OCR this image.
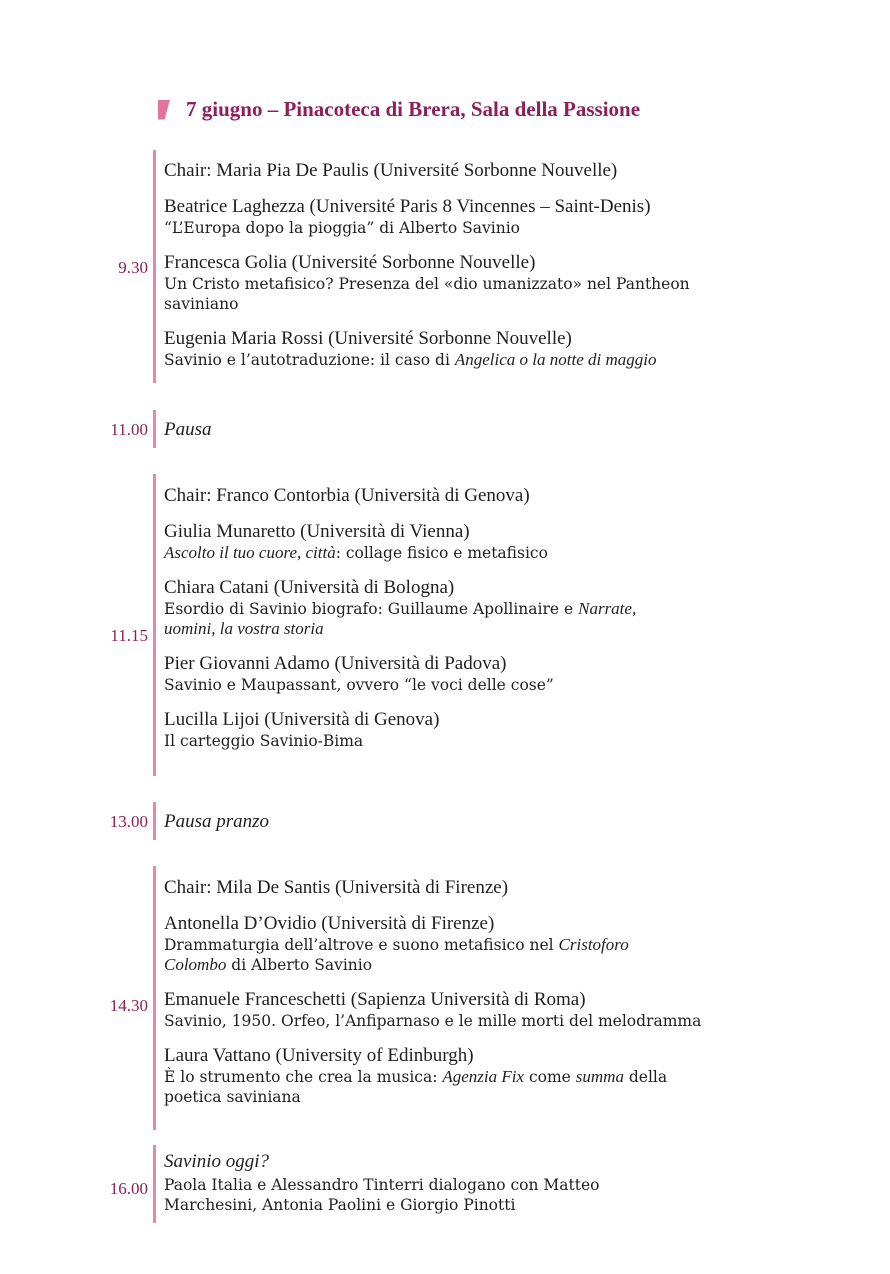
7 giugno – Pinacoteca di Brera, Sala della Passione
9.30
Chair: Maria Pia De Paulis (Université Sorbonne Nouvelle)
Beatrice Laghezza (Université Paris 8 Vincennes – Saint-Denis)
“L’Europa dopo la pioggia” di Alberto Savinio
Francesca Golia (Université Sorbonne Nouvelle)
Un Cristo metafisico? Presenza del «dio umanizzato» nel Pantheon
saviniano
Eugenia Maria Rossi (Université Sorbonne Nouvelle)
Savinio e l’autotraduzione: il caso di Angelica o la notte di maggio
11.00 Pausa
11.15
Chair: Franco Contorbia (Università di Genova)
Giulia Munaretto (Università di Vienna)
Ascolto il tuo cuore, città: collage fisico e metafisico
Chiara Catani (Università di Bologna)
Esordio di Savinio biografo: Guillaume Apollinaire e Narrate,
uomini, la vostra storia
Pier Giovanni Adamo (Università di Padova)
Savinio e Maupassant, ovvero “le voci delle cose”
Lucilla Lijoi (Università di Genova)
Il carteggio Savinio-Bima
13.00 Pausa pranzo
14.30
Chair: Mila De Santis (Università di Firenze)
Antonella D’Ovidio (Università di Firenze)
Drammaturgia dell’altrove e suono metafisico nel Cristoforo
Colombo di Alberto Savinio
Emanuele Franceschetti (Sapienza Università di Roma)
Savinio, 1950. Orfeo, l’Anfiparnaso e le mille morti del melodramma
Laura Vattano (University of Edinburgh)
È lo strumento che crea la musica: Agenzia Fix come summa della
poetica saviniana
16.00
Savinio oggi?
Paola Italia e Alessandro Tinterri dialogano con Matteo
Marchesini, Antonia Paolini e Giorgio Pinotti
